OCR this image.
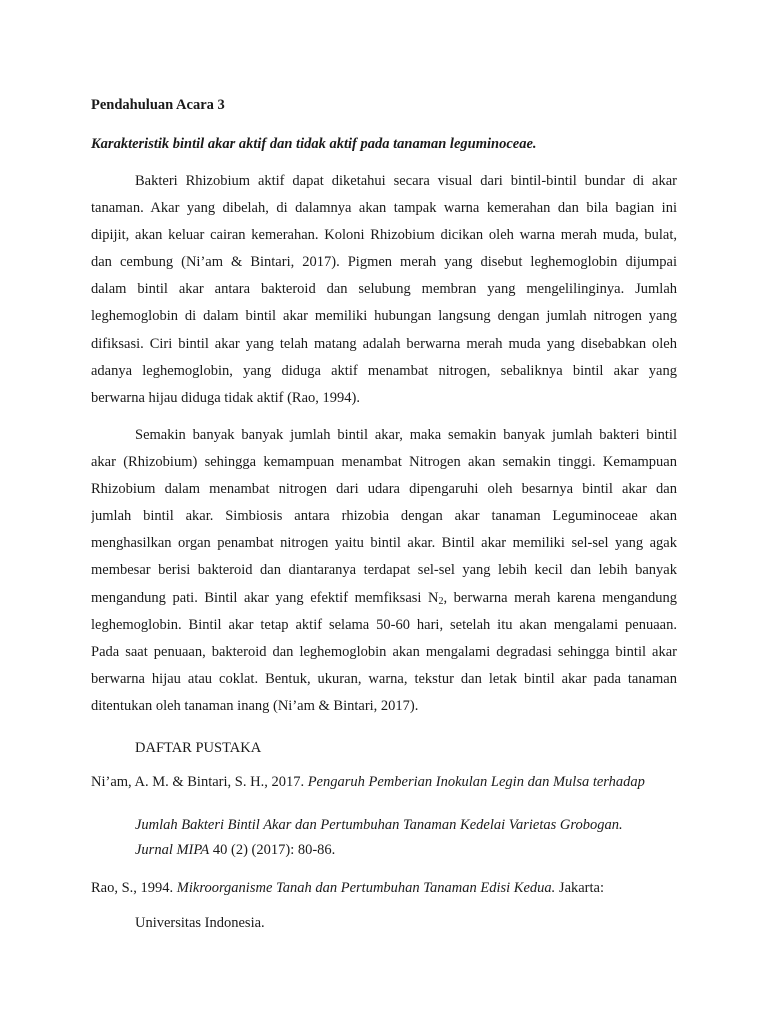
Pendahuluan Acara 3
Karakteristik bintil akar aktif dan tidak aktif pada tanaman leguminoceae.
Bakteri Rhizobium aktif dapat diketahui secara visual dari bintil-bintil bundar di akar
tanaman. Akar yang dibelah, di dalamnya akan tampak warna kemerahan dan bila bagian ini
dipijit, akan keluar cairan kemerahan. Koloni Rhizobium dicikan oleh warna merah muda, bulat,
dan cembung (Ni’am & Bintari, 2017). Pigmen merah yang disebut leghemoglobin dijumpai
dalam bintil akar antara bakteroid dan selubung membran yang mengelilinginya. Jumlah
leghemoglobin di dalam bintil akar memiliki hubungan langsung dengan jumlah nitrogen yang
difiksasi. Ciri bintil akar yang telah matang adalah berwarna merah muda yang disebabkan oleh
adanya leghemoglobin, yang diduga aktif menambat nitrogen, sebaliknya bintil akar yang
berwarna hijau diduga tidak aktif (Rao, 1994).
Semakin banyak banyak jumlah bintil akar, maka semakin banyak jumlah bakteri bintil
akar (Rhizobium) sehingga kemampuan menambat Nitrogen akan semakin tinggi. Kemampuan
Rhizobium dalam menambat nitrogen dari udara dipengaruhi oleh besarnya bintil akar dan
jumlah bintil akar. Simbiosis antara rhizobia dengan akar tanaman Leguminoceae akan
menghasilkan organ penambat nitrogen yaitu bintil akar. Bintil akar memiliki sel-sel yang agak
membesar berisi bakteroid dan diantaranya terdapat sel-sel yang lebih kecil dan lebih banyak
mengandung pati. Bintil akar yang efektif memfiksasi $N_2$, berwarna merah karena mengandung
leghemoglobin. Bintil akar tetap aktif selama 50-60 hari, setelah itu akan mengalami penuaan.
Pada saat penuaan, bakteroid dan leghemoglobin akan mengalami degradasi sehingga bintil akar
berwarna hijau atau coklat. Bentuk, ukuran, warna, tekstur dan letak bintil akar pada tanaman
ditentukan oleh tanaman inang (Ni’am & Bintari, 2017).
DAFTAR PUSTAKA
Ni’am, A. M. & Bintari, S. H., 2017. Pengaruh Pemberian Inokulan Legin dan Mulsa terhadap
Jumlah Bakteri Bintil Akar dan Pertumbuhan Tanaman Kedelai Varietas Grobogan.
Jurnal MIPA 40 (2) (2017): 80-86.
Rao, S., 1994. Mikroorganisme Tanah dan Pertumbuhan Tanaman Edisi Kedua. Jakarta:
Universitas Indonesia.
